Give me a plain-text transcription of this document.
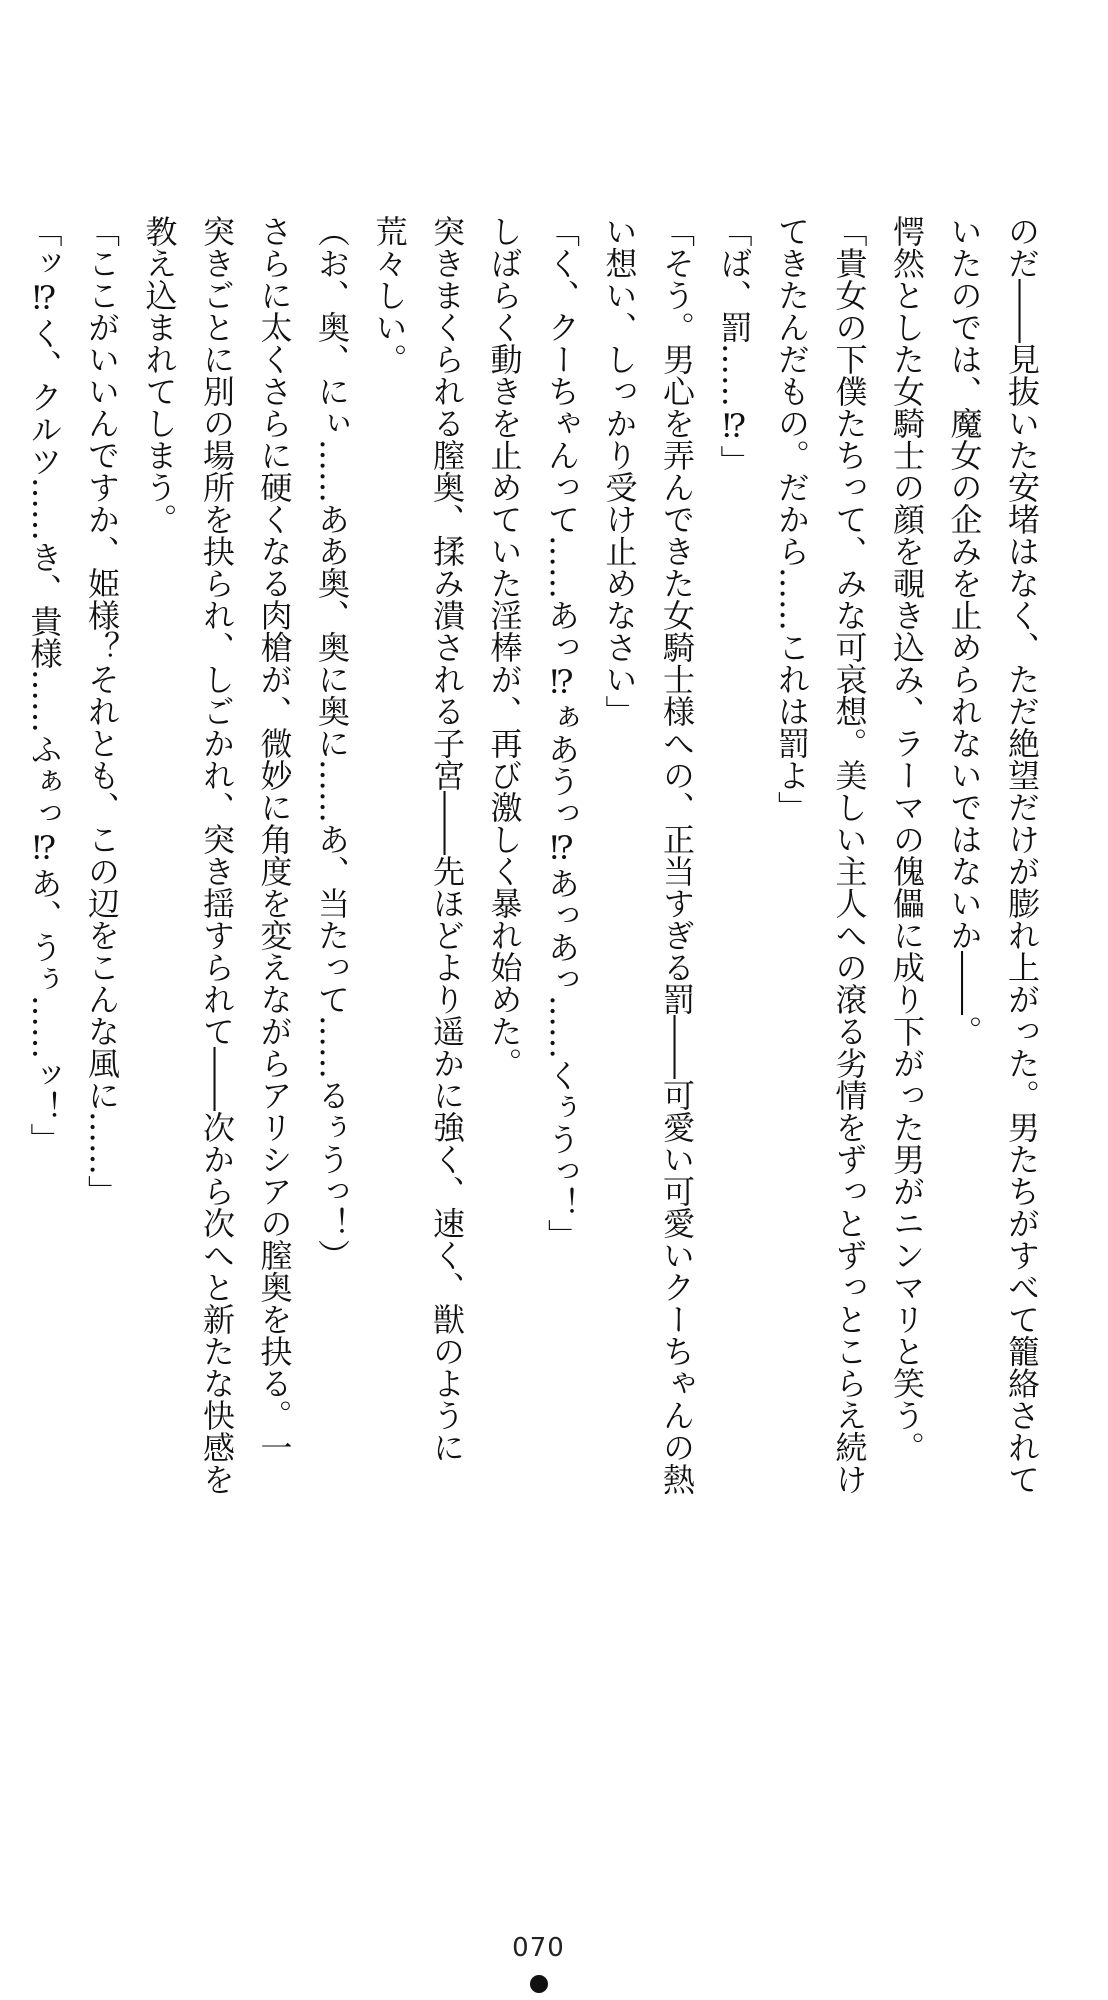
のだ――見抜いた安堵はなく、ただ絶望だけが膨れ上がった。男たちがすべて籠絡されて
いたのでは、魔女の企みを止められないではないか――。
愕然とした女騎士の顔を覗き込み、ラーマの傀儡に成り下がった男がニンマリと笑う。
「貴女の下僕たちって、みな可哀想。美しい主人への滾る劣情をずっとずっとこらえ続け
てきたんだもの。だから……これは罰よ」
「ば、罰……⁉」
「そう。男心を弄んできた女騎士様への、正当すぎる罰――可愛い可愛いクーちゃんの熱
い想い、しっかり受け止めなさい」
「く、クーちゃんって……あっ⁉ぁあうっ⁉あっあっ……くぅうっ！」
しばらく動きを止めていた淫棒が、再び激しく暴れ始めた。
突きまくられる膣奥、揉み潰される子宮――先ほどより遥かに強く、速く、獣のように
荒々しい。
（お、奥、にぃ……ああ奥、奥に奥に……あ、当たって……るぅうっ！）
さらに太くさらに硬くなる肉槍が、微妙に角度を変えながらアリシアの膣奥を抉る。一
突きごとに別の場所を抉られ、しごかれ、突き揺すられて――次から次へと新たな快感を
教え込まれてしまう。
「ここがいいんですか、姫様？それとも、この辺をこんな風に……」
「ッ⁉く、クルツ……き、貴様……ふぁっ⁉あ、うぅ……ッ！」
070
